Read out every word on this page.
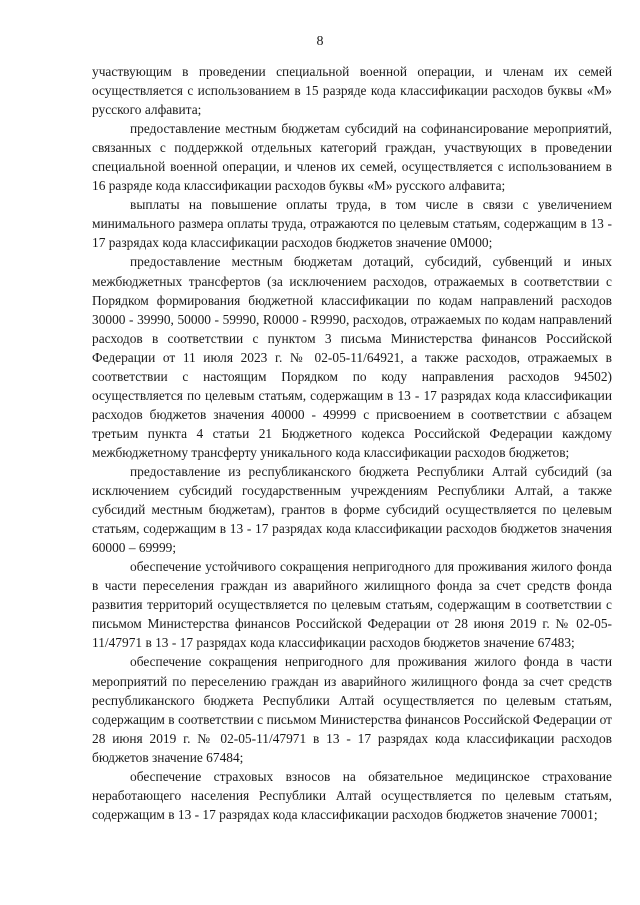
8

участвующим в проведении специальной военной операции, и членам их семей осуществляется с использованием в 15 разряде кода классификации расходов буквы «М» русского алфавита;

предоставление местным бюджетам субсидий на софинансирование мероприятий, связанных с поддержкой отдельных категорий граждан, участвующих в проведении специальной военной операции, и членов их семей, осуществляется с использованием в 16 разряде кода классификации расходов буквы «М» русского алфавита;

выплаты на повышение оплаты труда, в том числе в связи с увеличением минимального размера оплаты труда, отражаются по целевым статьям, содержащим в 13 - 17 разрядах кода классификации расходов бюджетов значение 0М000;

предоставление местным бюджетам дотаций, субсидий, субвенций и иных межбюджетных трансфертов (за исключением расходов, отражаемых в соответствии с Порядком формирования бюджетной классификации по кодам направлений расходов 30000 - 39990, 50000 - 59990, R0000 - R9990, расходов, отражаемых по кодам направлений расходов в соответствии с пунктом 3 письма Министерства финансов Российской Федерации от 11 июля 2023 г. № 02-05-11/64921, а также расходов, отражаемых в соответствии с настоящим Порядком по коду направления расходов 94502) осуществляется по целевым статьям, содержащим в 13 - 17 разрядах кода классификации расходов бюджетов значения 40000 - 49999 с присвоением в соответствии с абзацем третьим пункта 4 статьи 21 Бюджетного кодекса Российской Федерации каждому межбюджетному трансферту уникального кода классификации расходов бюджетов;

предоставление из республиканского бюджета Республики Алтай субсидий (за исключением субсидий государственным учреждениям Республики Алтай, а также субсидий местным бюджетам), грантов в форме субсидий осуществляется по целевым статьям, содержащим в 13 - 17 разрядах кода классификации расходов бюджетов значения 60000 – 69999;

обеспечение устойчивого сокращения непригодного для проживания жилого фонда в части переселения граждан из аварийного жилищного фонда за счет средств фонда развития территорий осуществляется по целевым статьям, содержащим в соответствии с письмом Министерства финансов Российской Федерации от 28 июня 2019 г. № 02-05-11/47971 в 13 - 17 разрядах кода классификации расходов бюджетов значение 67483;

обеспечение сокращения непригодного для проживания жилого фонда в части мероприятий по переселению граждан из аварийного жилищного фонда за счет средств республиканского бюджета Республики Алтай осуществляется по целевым статьям, содержащим в соответствии с письмом Министерства финансов Российской Федерации от 28 июня 2019 г. № 02-05-11/47971 в 13 - 17 разрядах кода классификации расходов бюджетов значение 67484;

обеспечение страховых взносов на обязательное медицинское страхование неработающего населения Республики Алтай осуществляется по целевым статьям, содержащим в 13 - 17 разрядах кода классификации расходов бюджетов значение 70001;
